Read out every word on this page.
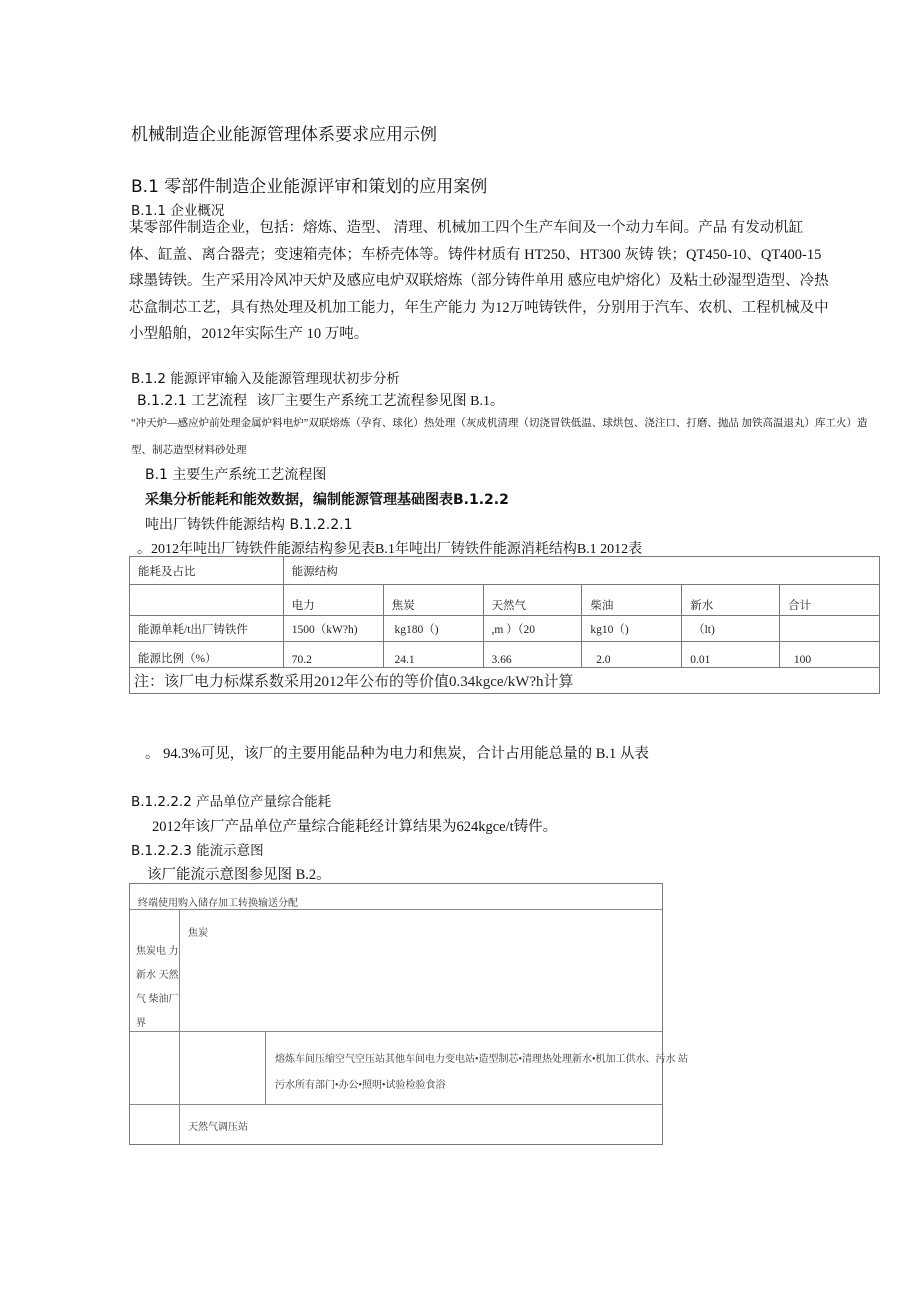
机械制造企业能源管理体系要求应用示例
B.1 零部件制造企业能源评审和策划的应用案例
B.1.1 企业概况
某零部件制造企业，包括：熔炼、造型、 清理、机械加工四个生产车间及一个动力车间。产品 有发动机缸
体、缸盖、离合器壳；变速箱壳体；车桥壳体等。铸件材质有 HT250、HT300 灰铸 铁；QT450-10、QT400-15
球墨铸铁。生产采用冷风冲天炉及感应电炉双联熔炼（部分铸件单用 感应电炉熔化）及粘土砂湿型造型、冷热
芯盒制芯工艺，具有热处理及机加工能力，年生产能力 为12万吨铸铁件，分别用于汽车、农机、工程机械及中
小型船舶，2012年实际生产 10 万吨。
B.1.2 能源评审输入及能源管理现状初步分析
B.1.2.1 工艺流程 该厂主要生产系统工艺流程参见图 B.1。
“冲天炉—感应炉前处理金属炉料电炉”双联熔炼（孕育、球化）热处理（灰成机清理（切浇冒铁低温、球烘包、浇注口、打磨、抛品 加铁高温退丸）库工火）造
型、制芯造型材料砂处理
B.1 主要生产系统工艺流程图
采集分析能耗和能效数据，编制能源管理基础图表B.1.2.2
吨出厂铸铁件能源结构 B.1.2.2.1
。2012年吨出厂铸铁件能源结构参见表B.1年吨出厂铸铁件能源消耗结构B.1 2012表
能耗及占比	能源结构					
	电力	焦炭	天然气	柴油	新水	合计
能源单耗/t出厂铸铁件	1500（kW?h)	kg180（)	,m ）（20	kg10（)	（lt)	
能源比例（%）	70.2	24.1	3.66	2.0	0.01	100
注：该厂电力标煤系数采用2012年公布的等价值0.34kgce/kW?h计算						
。 94.3%可见，该厂的主要用能品种为电力和焦炭，合计占用能总量的 B.1 从表
B.1.2.2.2 产品单位产量综合能耗
2012年该厂产品单位产量综合能耗经计算结果为624kgce/t铸件。
B.1.2.2.3 能流示意图
该厂能流示意图参见图 B.2。
终端使用购入储存加工转换输送分配
焦炭
焦炭电 力
新水 天然
气 柴油厂
界
熔炼车间压缩空气空压站其他车间电力变电站•造型制芯•清理热处理新水•机加工供水、污水 站
污水所有部门•办公•照明•试验检验食浴
天然气调压站
